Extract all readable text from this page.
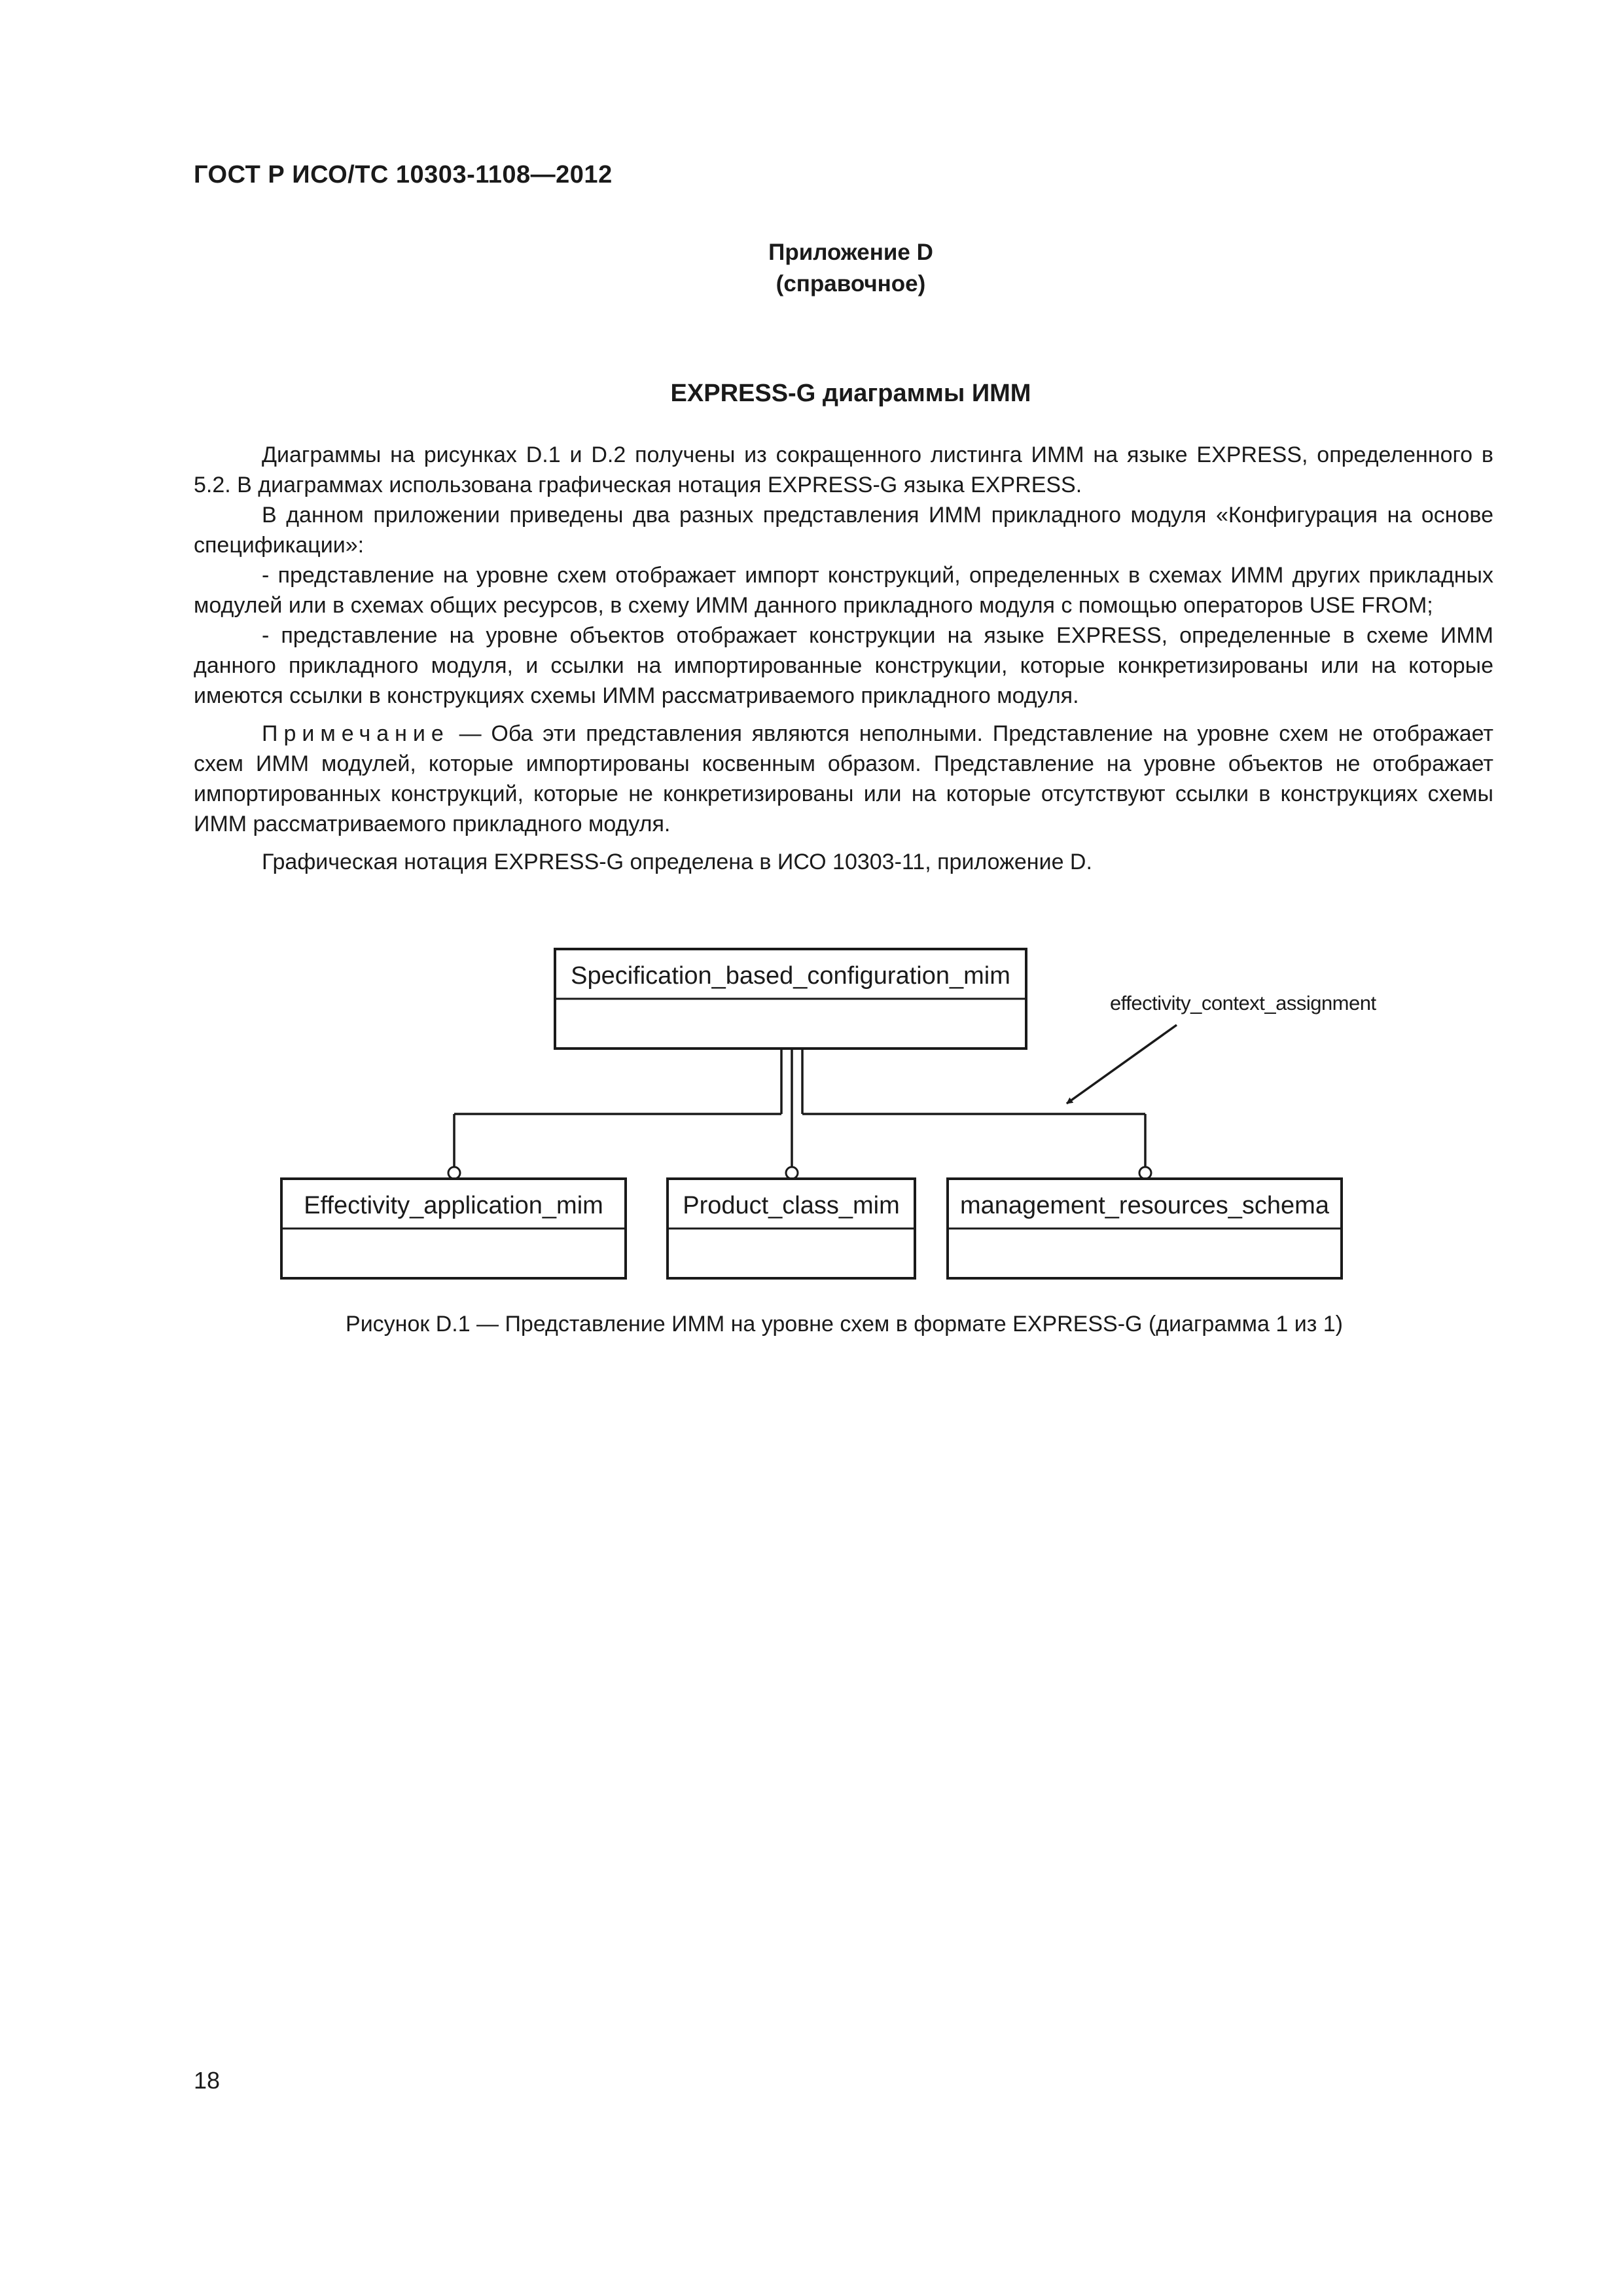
ГОСТ Р ИСО/ТС 10303-1108—2012
Приложение D
(справочное)
EXPRESS-G диаграммы ИММ

Диаграммы на рисунках D.1 и D.2 получены из сокращенного листинга ИММ на языке EXPRESS, определенного в 5.2. В диаграммах использована графическая нотация EXPRESS-G языка EXPRESS.

В данном приложении приведены два разных представления ИММ прикладного модуля «Конфигурация на основе спецификации»:

- представление на уровне схем отображает импорт конструкций, определенных в схемах ИММ других прикладных модулей или в схемах общих ресурсов, в схему ИММ данного прикладного модуля с помощью операторов USE FROM;

- представление на уровне объектов отображает конструкции на языке EXPRESS, определенные в схеме ИММ данного прикладного модуля, и ссылки на импортированные конструкции, которые конкретизированы или на которые имеются ссылки в конструкциях схемы ИММ рассматриваемого прикладного модуля.

Примечание — Оба эти представления являются неполными. Представление на уровне схем не отображает схем ИММ модулей, которые импортированы косвенным образом. Представление на уровне объектов не отображает импортированных конструкций, которые не конкретизированы или на которые отсутствуют ссылки в конструкциях схемы ИММ рассматриваемого прикладного модуля.

Графическая нотация EXPRESS-G определена в ИСО 10303-11, приложение D.

Specification_based_configuration_mim
Effectivity_application_mim	Product_class_mim management_resources_schema
effectivity_context_assignment
Рисунок D.1 — Представление ИММ на уровне схем в формате EXPRESS-G (диаграмма 1 из 1)
18
